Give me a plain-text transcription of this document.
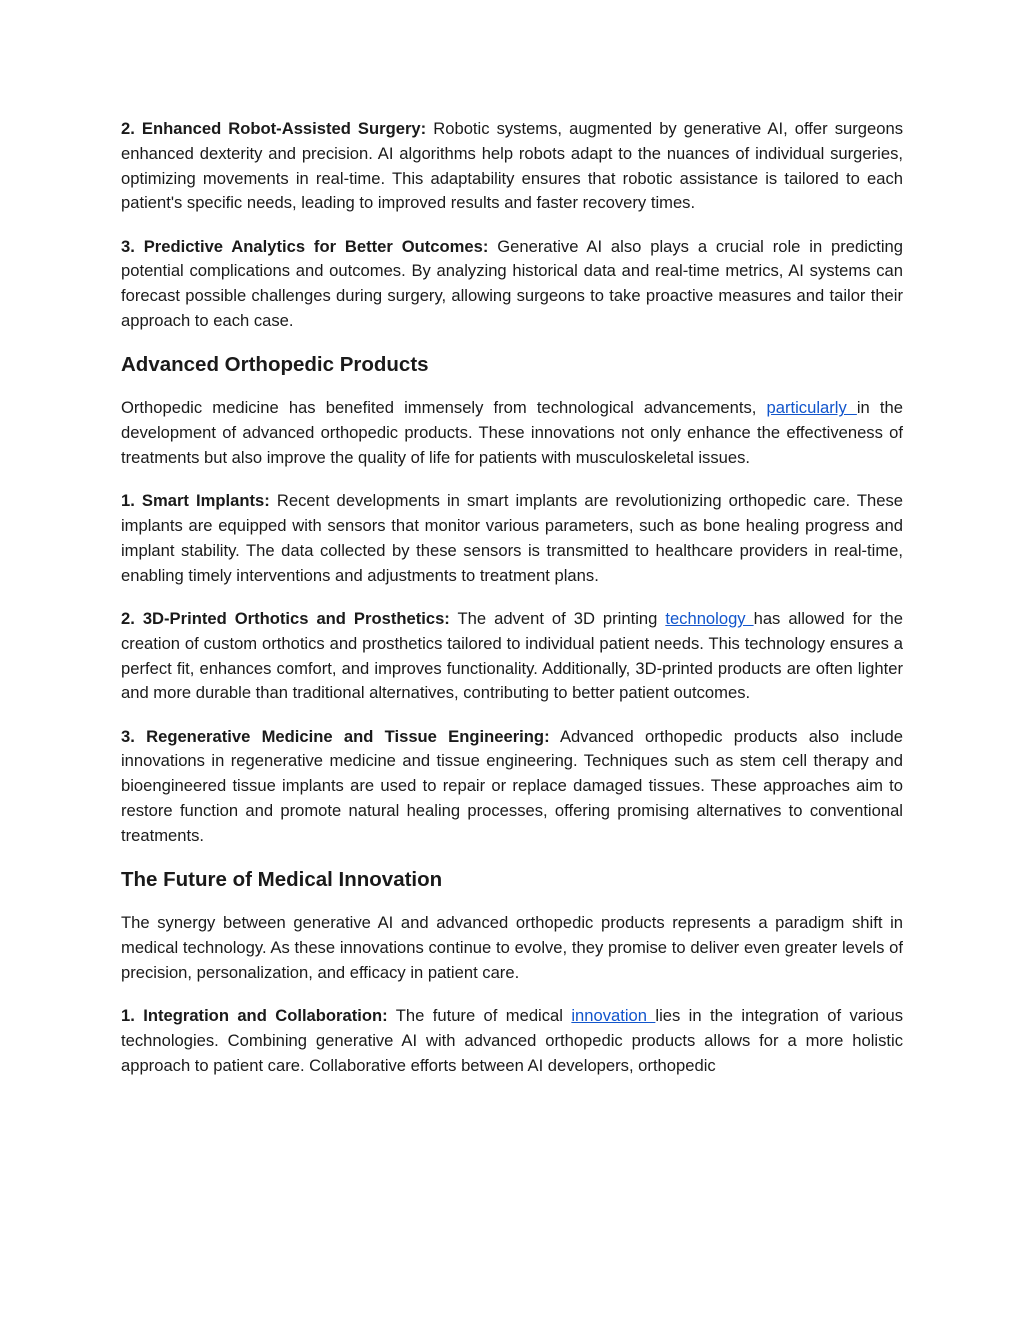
2. Enhanced Robot-Assisted Surgery: Robotic systems, augmented by generative AI, offer surgeons enhanced dexterity and precision. AI algorithms help robots adapt to the nuances of individual surgeries, optimizing movements in real-time. This adaptability ensures that robotic assistance is tailored to each patient's specific needs, leading to improved results and faster recovery times.

3. Predictive Analytics for Better Outcomes: Generative AI also plays a crucial role in predicting potential complications and outcomes. By analyzing historical data and real-time metrics, AI systems can forecast possible challenges during surgery, allowing surgeons to take proactive measures and tailor their approach to each case.

Advanced Orthopedic Products

Orthopedic medicine has benefited immensely from technological advancements, particularly in the development of advanced orthopedic products. These innovations not only enhance the effectiveness of treatments but also improve the quality of life for patients with musculoskeletal issues.

1. Smart Implants: Recent developments in smart implants are revolutionizing orthopedic care. These implants are equipped with sensors that monitor various parameters, such as bone healing progress and implant stability. The data collected by these sensors is transmitted to healthcare providers in real-time, enabling timely interventions and adjustments to treatment plans.

2. 3D-Printed Orthotics and Prosthetics: The advent of 3D printing technology has allowed for the creation of custom orthotics and prosthetics tailored to individual patient needs. This technology ensures a perfect fit, enhances comfort, and improves functionality. Additionally, 3D-printed products are often lighter and more durable than traditional alternatives, contributing to better patient outcomes.

3. Regenerative Medicine and Tissue Engineering: Advanced orthopedic products also include innovations in regenerative medicine and tissue engineering. Techniques such as stem cell therapy and bioengineered tissue implants are used to repair or replace damaged tissues. These approaches aim to restore function and promote natural healing processes, offering promising alternatives to conventional treatments.

The Future of Medical Innovation

The synergy between generative AI and advanced orthopedic products represents a paradigm shift in medical technology. As these innovations continue to evolve, they promise to deliver even greater levels of precision, personalization, and efficacy in patient care.

1. Integration and Collaboration: The future of medical innovation lies in the integration of various technologies. Combining generative AI with advanced orthopedic products allows for a more holistic approach to patient care. Collaborative efforts between AI developers, orthopedic
